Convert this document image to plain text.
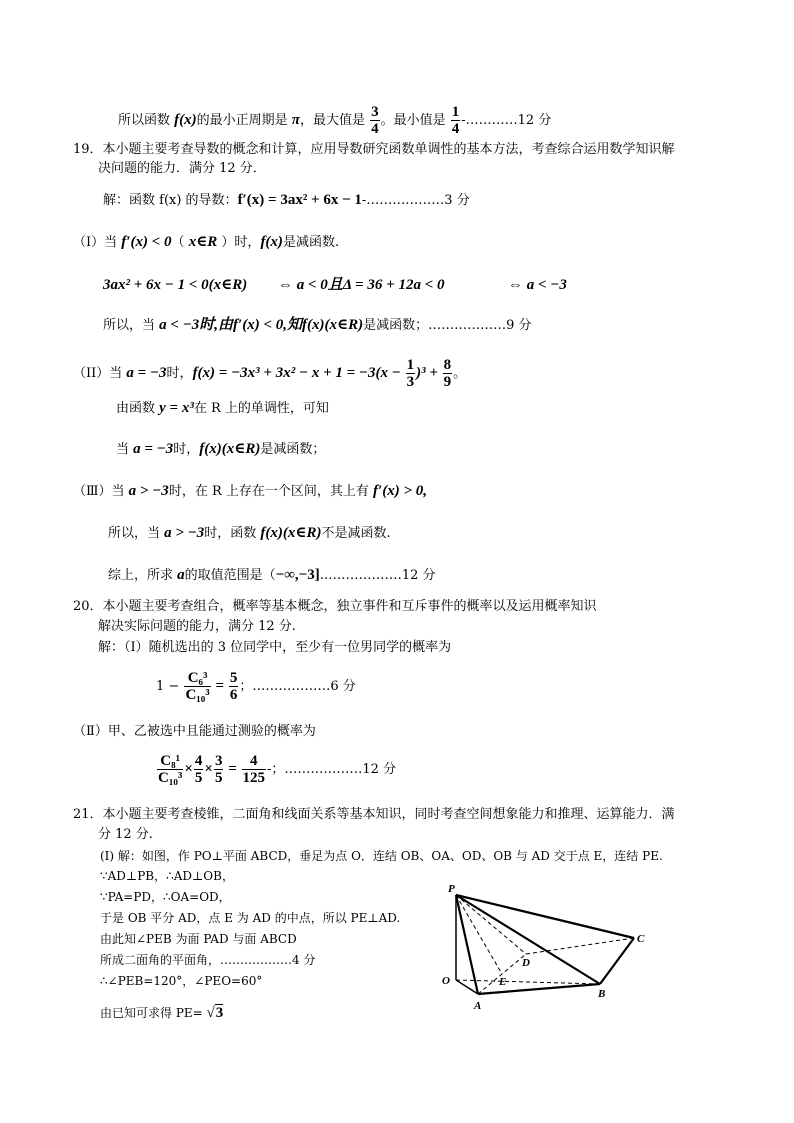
所以函数 f(x)的最小正周期是 π，最大值是 $\frac{3}{4}$ 。最小值是 $\frac{1}{4}$ -…………12 分
19．本小题主要考查导数的概念和计算，应用导数研究函数单调性的基本方法，考查综合运用数学知识解
决问题的能力．满分 12 分．
解：函数 f(x) 的导数：f′(x) = 3ax² + 6x − 1-………………3 分
（Ⅰ）当 f′(x) < 0（ x∈R ）时，f(x)是减函数.
3ax² + 6x − 1 < 0(x∈R) ⇔ a < 0且Δ = 36 + 12a < 0	⇔ a < −3
所以，当 a < −3时,由f′(x) < 0,知f(x)(x∈R)是减函数；………………9 分
（II）当 a = −3时，$f(x) = -3x^3 + 3x^2 - x + 1 = -3(x - \frac{1}{3} )^3 + \frac{8}{9}$ 。
由函数 y = x³在 R 上的单调性，可知
当 a = −3时，f(x)(x∈R)是减函数；
（Ⅲ）当 a > −3时，在 R 上存在一个区间，其上有 f′(x) > 0,
所以，当 a > −3时，函数 f(x)(x∈R)不是减函数.
综上，所求 a的取值范围是（−∞,−3].………………12 分
20．本小题主要考查组合，概率等基本概念，独立事件和互斥事件的概率以及运用概率知识
解决实际问题的能力，满分 12 分.
解：（Ⅰ）随机选出的 3 位同学中，至少有一位男同学的概率为
$1 - \frac{\text{C₆³}}{\text{C₁₀³}} = \frac{5}{6}$ ；………………6 分
（Ⅱ）甲、乙被选中且能通过测验的概率为
$\frac{\text{C₈¹}}{\text{C₁₀³}} \times \frac{4}{5} \times \frac{3}{5} = \frac{4}{125}$ -；………………12 分
21．本小题主要考查棱锥，二面角和线面关系等基本知识，同时考查空间想象能力和推理、运算能力．满
分 12 分.
(I) 解：如图，作 PO⊥平面 ABCD，垂足为点 O．连结 OB、OA、OD、OB 与 AD 交于点 E，连结 PE.
∵AD⊥PB，∴AD⊥OB，
∵PA=PD，∴OA=OD，
于是 OB 平分 AD，点 E 为 AD 的中点，所以 PE⊥AD.
由此知∠PEB 为面 PAD 与面 ABCD
所成二面角的平面角，………………4 分
∴∠PEB=120°，∠PEO=60°
由已知可求得 PE= √3
P
C
D
O	E
B
A
